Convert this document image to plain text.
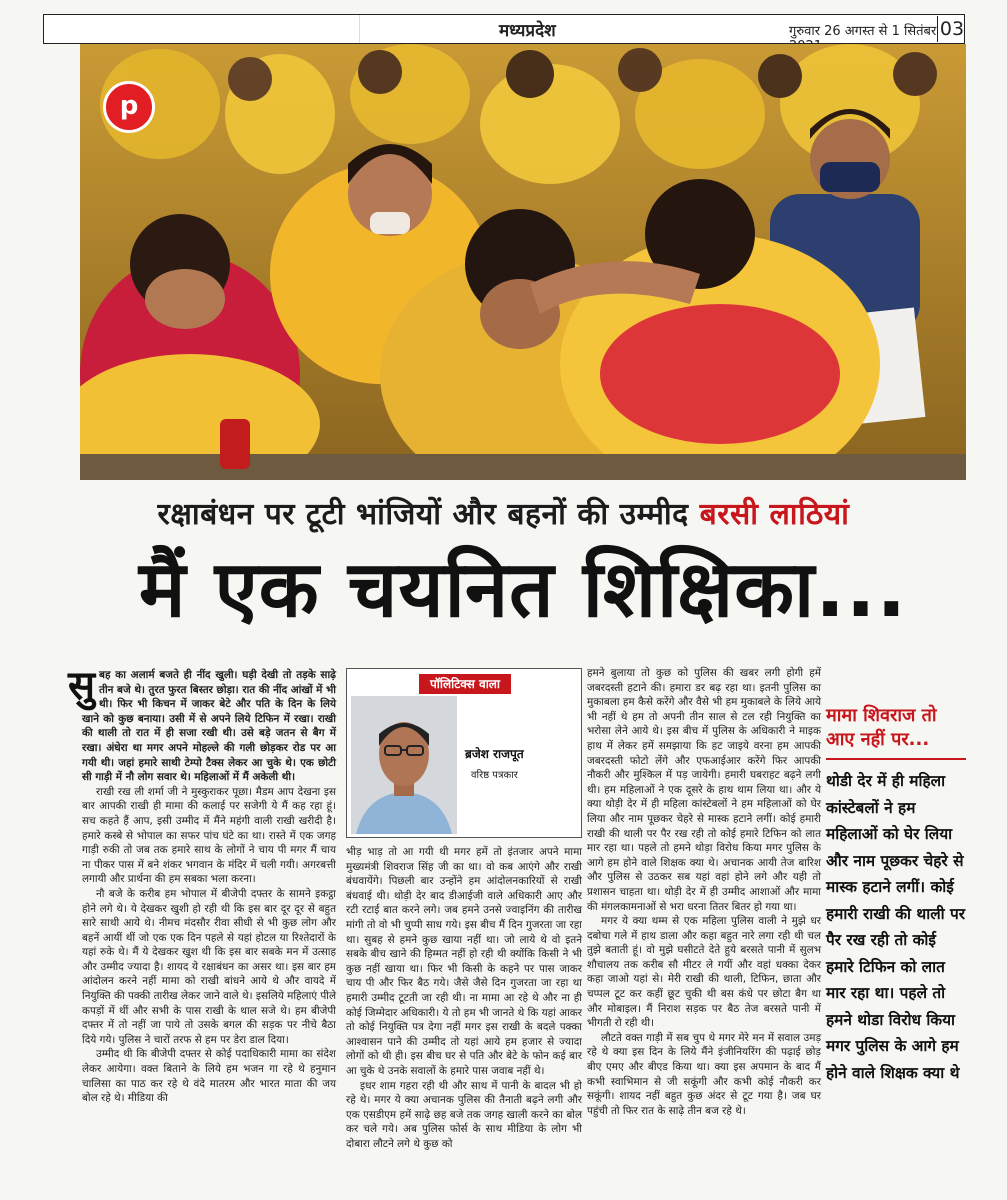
मध्यप्रदेश	गुरुवार 26 अगस्त से 1 सितंबर 03
p
रक्षाबंधन पर टूटी भांजियों और बहनों की उम्मीद बरसी लाठियां
मैं एक चयनित शिक्षिका...

सुबह का अलार्म बजते ही नींद खुली। घड़ी देखी तो तड़के साढ़े तीन बजे थे। तुरत फुरत बिस्तर छोड़ा। रात की नींद आंखों में भी थी। फिर भी किचन में जाकर बेटे और पति के दिन के लिये खाने को कुछ बनाया। उसी में से अपने लिये टिफिन में रखा। राखी की थाली तो रात में ही सजा रखी थी। उसे बड़े जतन से बैग में रखा। अंधेरा था मगर अपने मोहल्ले की गली छोड़कर रोड पर आ गयी थी। जहां हमारे साथी टेम्पो टैक्स लेकर आ चुके थे। एक छोटी सी गाड़ी में नौ लोग सवार थे। महिलाओं में मैं अकेली थी।

राखी रख ली शर्मा जी ने मुस्कुराकर पूछा। मैडम आप देखना इस बार आपकी राखी ही मामा की कलाई पर सजेगी ये मैं कह रहा हूं। सच कहते हैं आप, इसी उम्मीद में मैंने महंगी वाली राखी खरीदी है। हमारे कस्बे से भोपाल का सफर पांच घंटे का था। रास्ते में एक जगह गाड़ी रुकी तो जब तक हमारे साथ के लोगों ने चाय पी मगर मैं चाय ना पीकर पास में बने शंकर भगवान के मंदिर में चली गयी। अगरबत्ती लगायी और प्रार्थना की हम सबका भला करना।

नौ बजे के करीब हम भोपाल में बीजेपी दफ्तर के सामने इकट्ठा होने लगे थे। ये देखकर खुशी हो रही थी कि इस बार दूर दूर से बहुत सारे साथी आये थे। नीमच मंदसौर रीवा सीधी से भी कुछ लोग और बहनें आयीं थीं जो एक एक दिन पहले से यहां होटल या रिश्तेदारों के यहां रुके थे। मैं ये देखकर खुश थी कि इस बार सबके मन में उत्साह और उम्मीद ज्यादा है। शायद ये रक्षाबंधन का असर था। इस बार हम आंदोलन करने नहीं मामा को राखी बांधने आये थे और वायदे में नियुक्ति की पक्की तारीख लेकर जाने वाले थे। इसलिये महिलाएं पीले कपड़ों में थीं और सभी के पास राखी के थाल सजे थे। हम बीजेपी दफ्तर में तो नहीं जा पाये तो उसके बगल की सड़क पर नीचे बैठा दिये गये। पुलिस ने चारों तरफ से हम पर डेरा डाल दिया।

उम्मीद थी कि बीजेपी दफ्तर से कोई पदाधिकारी मामा का संदेश लेकर आयेगा। वक्त बिताने के लिये हम भजन गा रहे थे हनुमान चालिसा का पाठ कर रहे थे वंदे मातरम और भारत माता की जय बोल रहे थे। मीडिया की

पॉलिटिक्स वाला
ब्रजेश राजपूत
वरिष्ठ पत्रकार

भीड़ भाड़ तो आ गयी थी मगर हमें तो इंतजार अपने मामा मुख्यमंत्री शिवराज सिंह जी का था। वो कब आएंगे और राखी बंधवायेंगे। पिछली बार उन्होंने हम आंदोलनकारियों से राखी बंधवाई थी। थोड़ी देर बाद डीआईजी वाले अधिकारी आए और रटी रटाई बात करने लगे। जब हमने उनसे ज्वाइनिंग की तारीख मांगी तो वो भी चुप्पी साध गये। इस बीच मैं दिन गुजरता जा रहा था। सुबह से हमने कुछ खाया नहीं था। जो लाये थे वो इतने सबके बीच खाने की हिम्मत नहीं हो रही थी क्योंकि किसी ने भी कुछ नहीं खाया था। फिर भी किसी के कहने पर पास जाकर चाय पी और फिर बैठ गये। जैसे जैसे दिन गुजरता जा रहा था हमारी उम्मीद टूटती जा रही थी। ना मामा आ रहे थे और ना ही कोई जिम्मेदार अधिकारी। ये तो हम भी जानते थे कि यहां आकर तो कोई नियुक्ति पत्र देगा नहीं मगर इस राखी के बदले पक्का आश्वासन पाने की उम्मीद तो यहां आये हम हजार से ज्यादा लोगों को थी ही। इस बीच घर से पति और बेटे के फोन कई बार आ चुके थे उनके सवालों के हमारे पास जवाब नहीं थे।

इधर शाम गहरा रही थी और साथ में पानी के बादल भी हो रहे थे। मगर ये क्या अचानक पुलिस की तैनाती बढ़ने लगी और एक एसडीएम हमें साढ़े छह बजे तक जगह खाली करने का बोल कर चले गये। अब पुलिस फोर्स के साथ मीडिया के लोग भी दोबारा लौटने लगे थे कुछ को

हमने बुलाया तो कुछ को पुलिस की खबर लगी होगी हमें जबरदस्ती हटाने की। हमारा डर बढ़ रहा था। इतनी पुलिस का मुकाबला हम कैसे करेंगे और वैसे भी हम मुकाबले के लिये आये भी नहीं थे हम तो अपनी तीन साल से टल रही नियुक्ति का भरोसा लेने आये थे। इस बीच में पुलिस के अधिकारी ने माइक हाथ में लेकर हमें समझाया कि हट जाइये वरना हम आपकी जबरदस्ती फोटो लेंगे और एफआईआर करेंगे फिर आपकी नौकरी और मुश्किल में पड़ जायेगी। हमारी घबराहट बढ़ने लगी थी। हम महिलाओं ने एक दूसरे के हाथ थाम लिया था। और ये क्या थोड़ी देर में ही महिला कांस्टेबलों ने हम महिलाओं को घेर लिया और नाम पूछकर चेहरे से मास्क हटाने लगीं। कोई हमारी राखी की थाली पर पैर रख रही तो कोई हमारे टिफिन को लात मार रहा था। पहले तो हमने थोड़ा विरोध किया मगर पुलिस के आगे हम होने वाले शिक्षक क्या थे। अचानक आयी तेज बारिश और पुलिस से उठकर सब यहां वहां होने लगे और यही तो प्रशासन चाहता था। थोड़ी देर में ही उम्मीद आशाओं और मामा की मंगलकामनाओं से भरा धरना तितर बितर हो गया था।

मगर ये क्या थम्म से एक महिला पुलिस वाली ने मुझे धर दबोचा गले में हाथ डाला और कहा बहुत नारे लगा रही थी चल तुझे बताती हूं। वो मुझे घसीटते देते हुये बरसते पानी में सुलभ शौचालय तक करीब सौ मीटर ले गयीं और वहां धक्का देकर कहा जाओ यहां से। मेरी राखी की थाली, टिफिन, छाता और चप्पल टूट कर कहीं छूट चुकी थी बस कंधे पर छोटा बैग था और मोबाइल। मैं निराश सड़क पर बैठ तेज बरसते पानी में भीगती रो रही थी।

लौटते वक्त गाड़ी में सब चुप थे मगर मेरे मन में सवाल उमड़ रहे थे क्या इस दिन के लिये मैंने इंजीनियरिंग की पढ़ाई छोड़ बीए एमए और बीएड किया था। क्या इस अपमान के बाद मैं कभी स्वाभिमान से जी सकूंगी और कभी कोई नौकरी कर सकूंगी। शायद नहीं बहुत कुछ अंदर से टूट गया है। जब घर पहुंची तो फिर रात के साढ़े तीन बज रहे थे।

मामा शिवराज तो आए नहीं पर...
थोडी देर में ही महिला कांस्टेबलों ने हम महिलाओं को घेर लिया और नाम पूछकर चेहरे से मास्क हटाने लगीं। कोई हमारी राखी की थाली पर पैर रख रही तो कोई हमारे टिफिन को लात मार रहा था। पहले तो हमने थोडा विरोध किया मगर पुलिस के आगे हम होने वाले शिक्षक क्या थे
